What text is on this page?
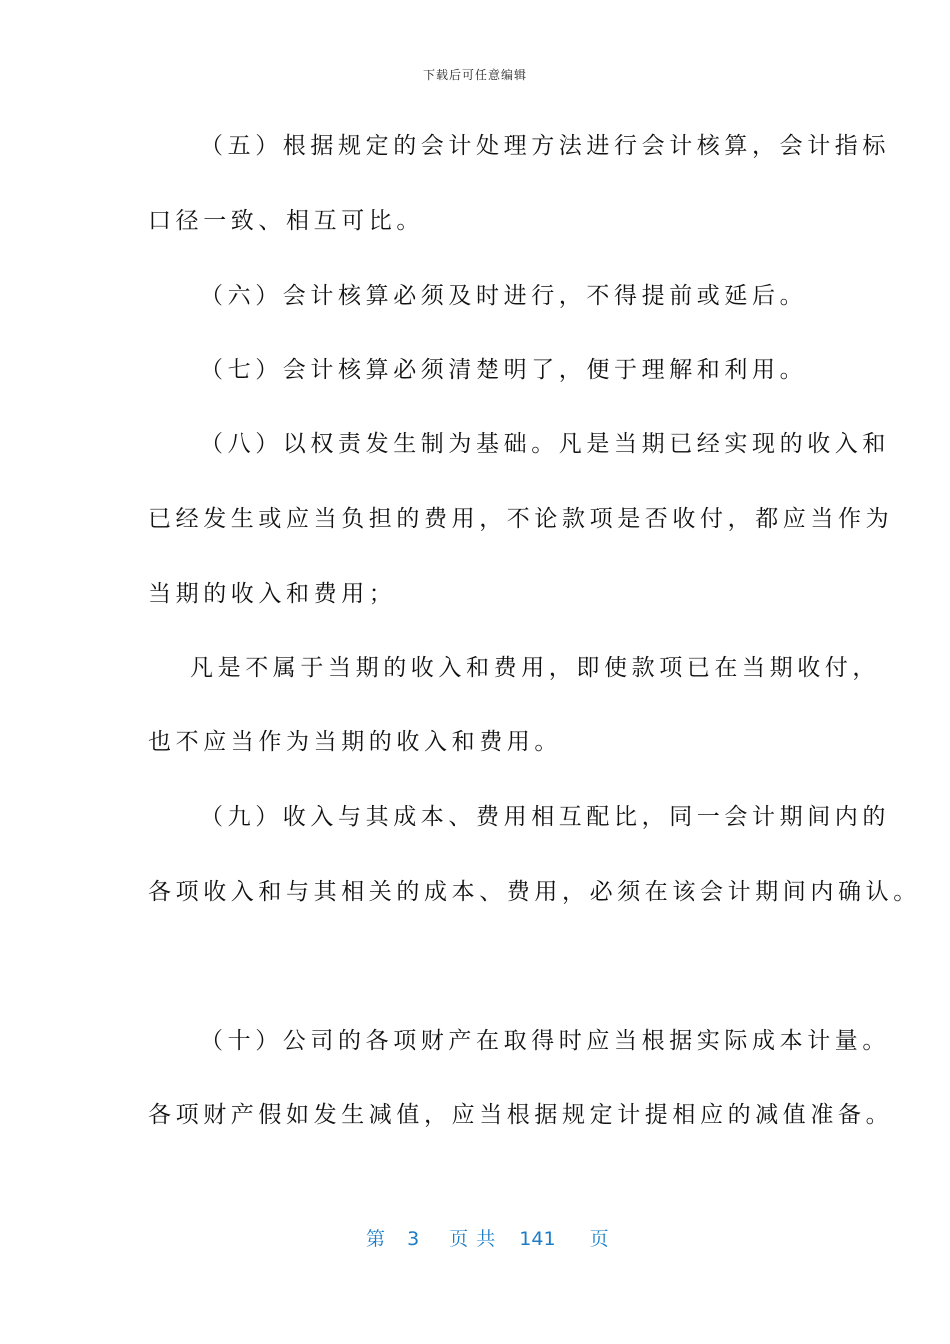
下载后可任意编辑
（五）根据规定的会计处理方法进行会计核算，会计指标
口径一致、相互可比。
（六）会计核算必须及时进行，不得提前或延后。
（七）会计核算必须清楚明了，便于理解和利用。
（八）以权责发生制为基础。凡是当期已经实现的收入和
已经发生或应当负担的费用，不论款项是否收付，都应当作为
当期的收入和费用；
凡是不属于当期的收入和费用，即使款项已在当期收付，
也不应当作为当期的收入和费用。
（九）收入与其成本、费用相互配比，同一会计期间内的
各项收入和与其相关的成本、费用，必须在该会计期间内确认。
（十）公司的各项财产在取得时应当根据实际成本计量。
各项财产假如发生减值，应当根据规定计提相应的减值准备。
第 3 页共 141 页
